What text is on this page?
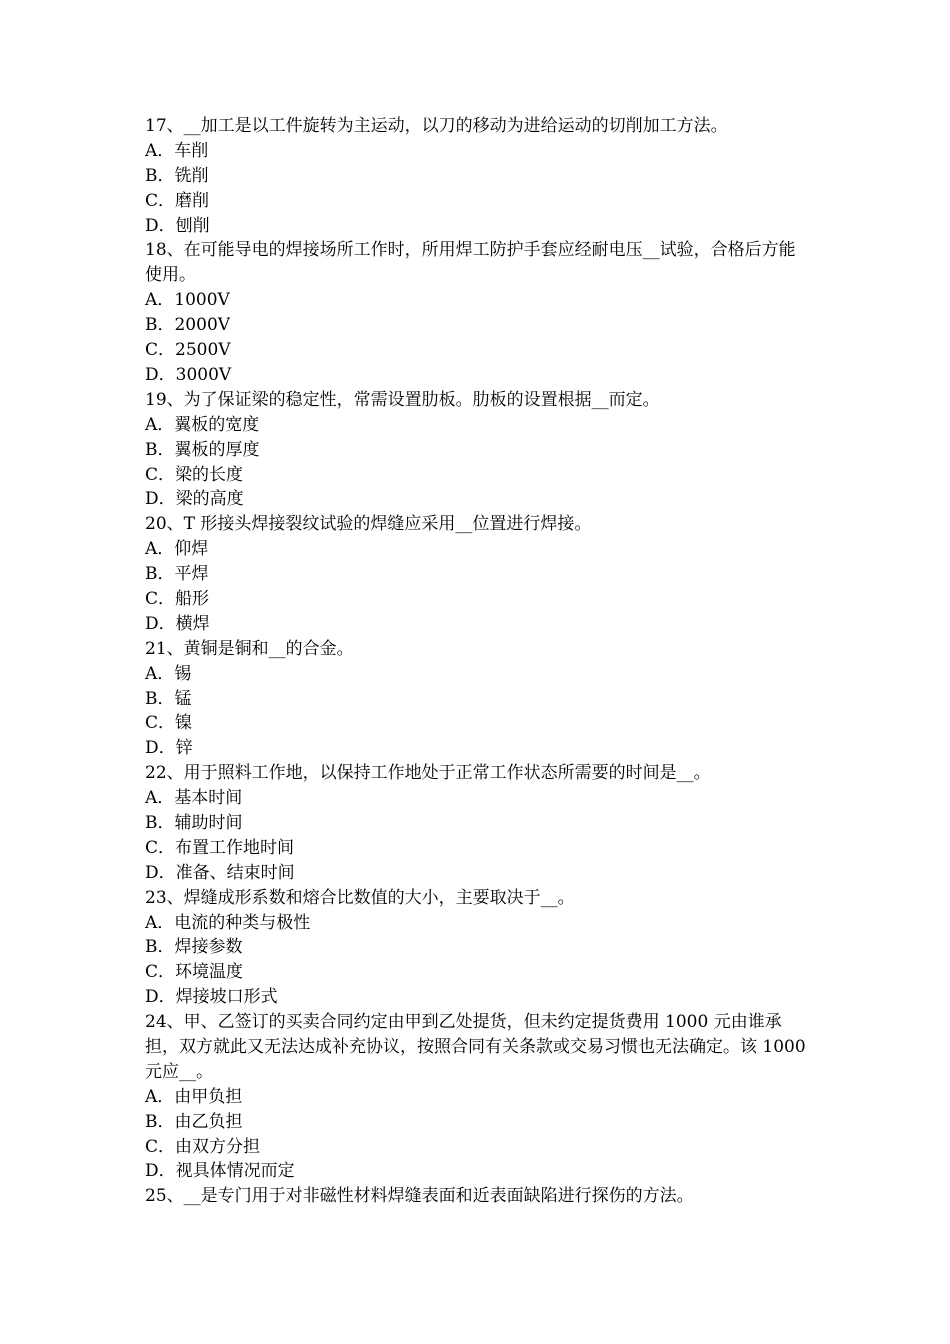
17、__加工是以工件旋转为主运动，以刀的移动为进给运动的切削加工方法。
A．车削
B．铣削
C．磨削
D．刨削
18、在可能导电的焊接场所工作时，所用焊工防护手套应经耐电压__试验，合格后方能使用。
A．1000V
B．2000V
C．2500V
D．3000V
19、为了保证梁的稳定性，常需设置肋板。肋板的设置根据__而定。
A．翼板的宽度
B．翼板的厚度
C．梁的长度
D．梁的高度
20、T 形接头焊接裂纹试验的焊缝应采用__位置进行焊接。
A．仰焊
B．平焊
C．船形
D．横焊
21、黄铜是铜和__的合金。
A．锡
B．锰
C．镍
D．锌
22、用于照料工作地，以保持工作地处于正常工作状态所需要的时间是__。
A．基本时间
B．辅助时间
C．布置工作地时间
D．准备、结束时间
23、焊缝成形系数和熔合比数值的大小，主要取决于__。
A．电流的种类与极性
B．焊接参数
C．环境温度
D．焊接坡口形式
24、甲、乙签订的买卖合同约定由甲到乙处提货，但未约定提货费用 1000 元由谁承担，双方就此又无法达成补充协议，按照合同有关条款或交易习惯也无法确定。该 1000 元应__。
A．由甲负担
B．由乙负担
C．由双方分担
D．视具体情况而定
25、__是专门用于对非磁性材料焊缝表面和近表面缺陷进行探伤的方法。
